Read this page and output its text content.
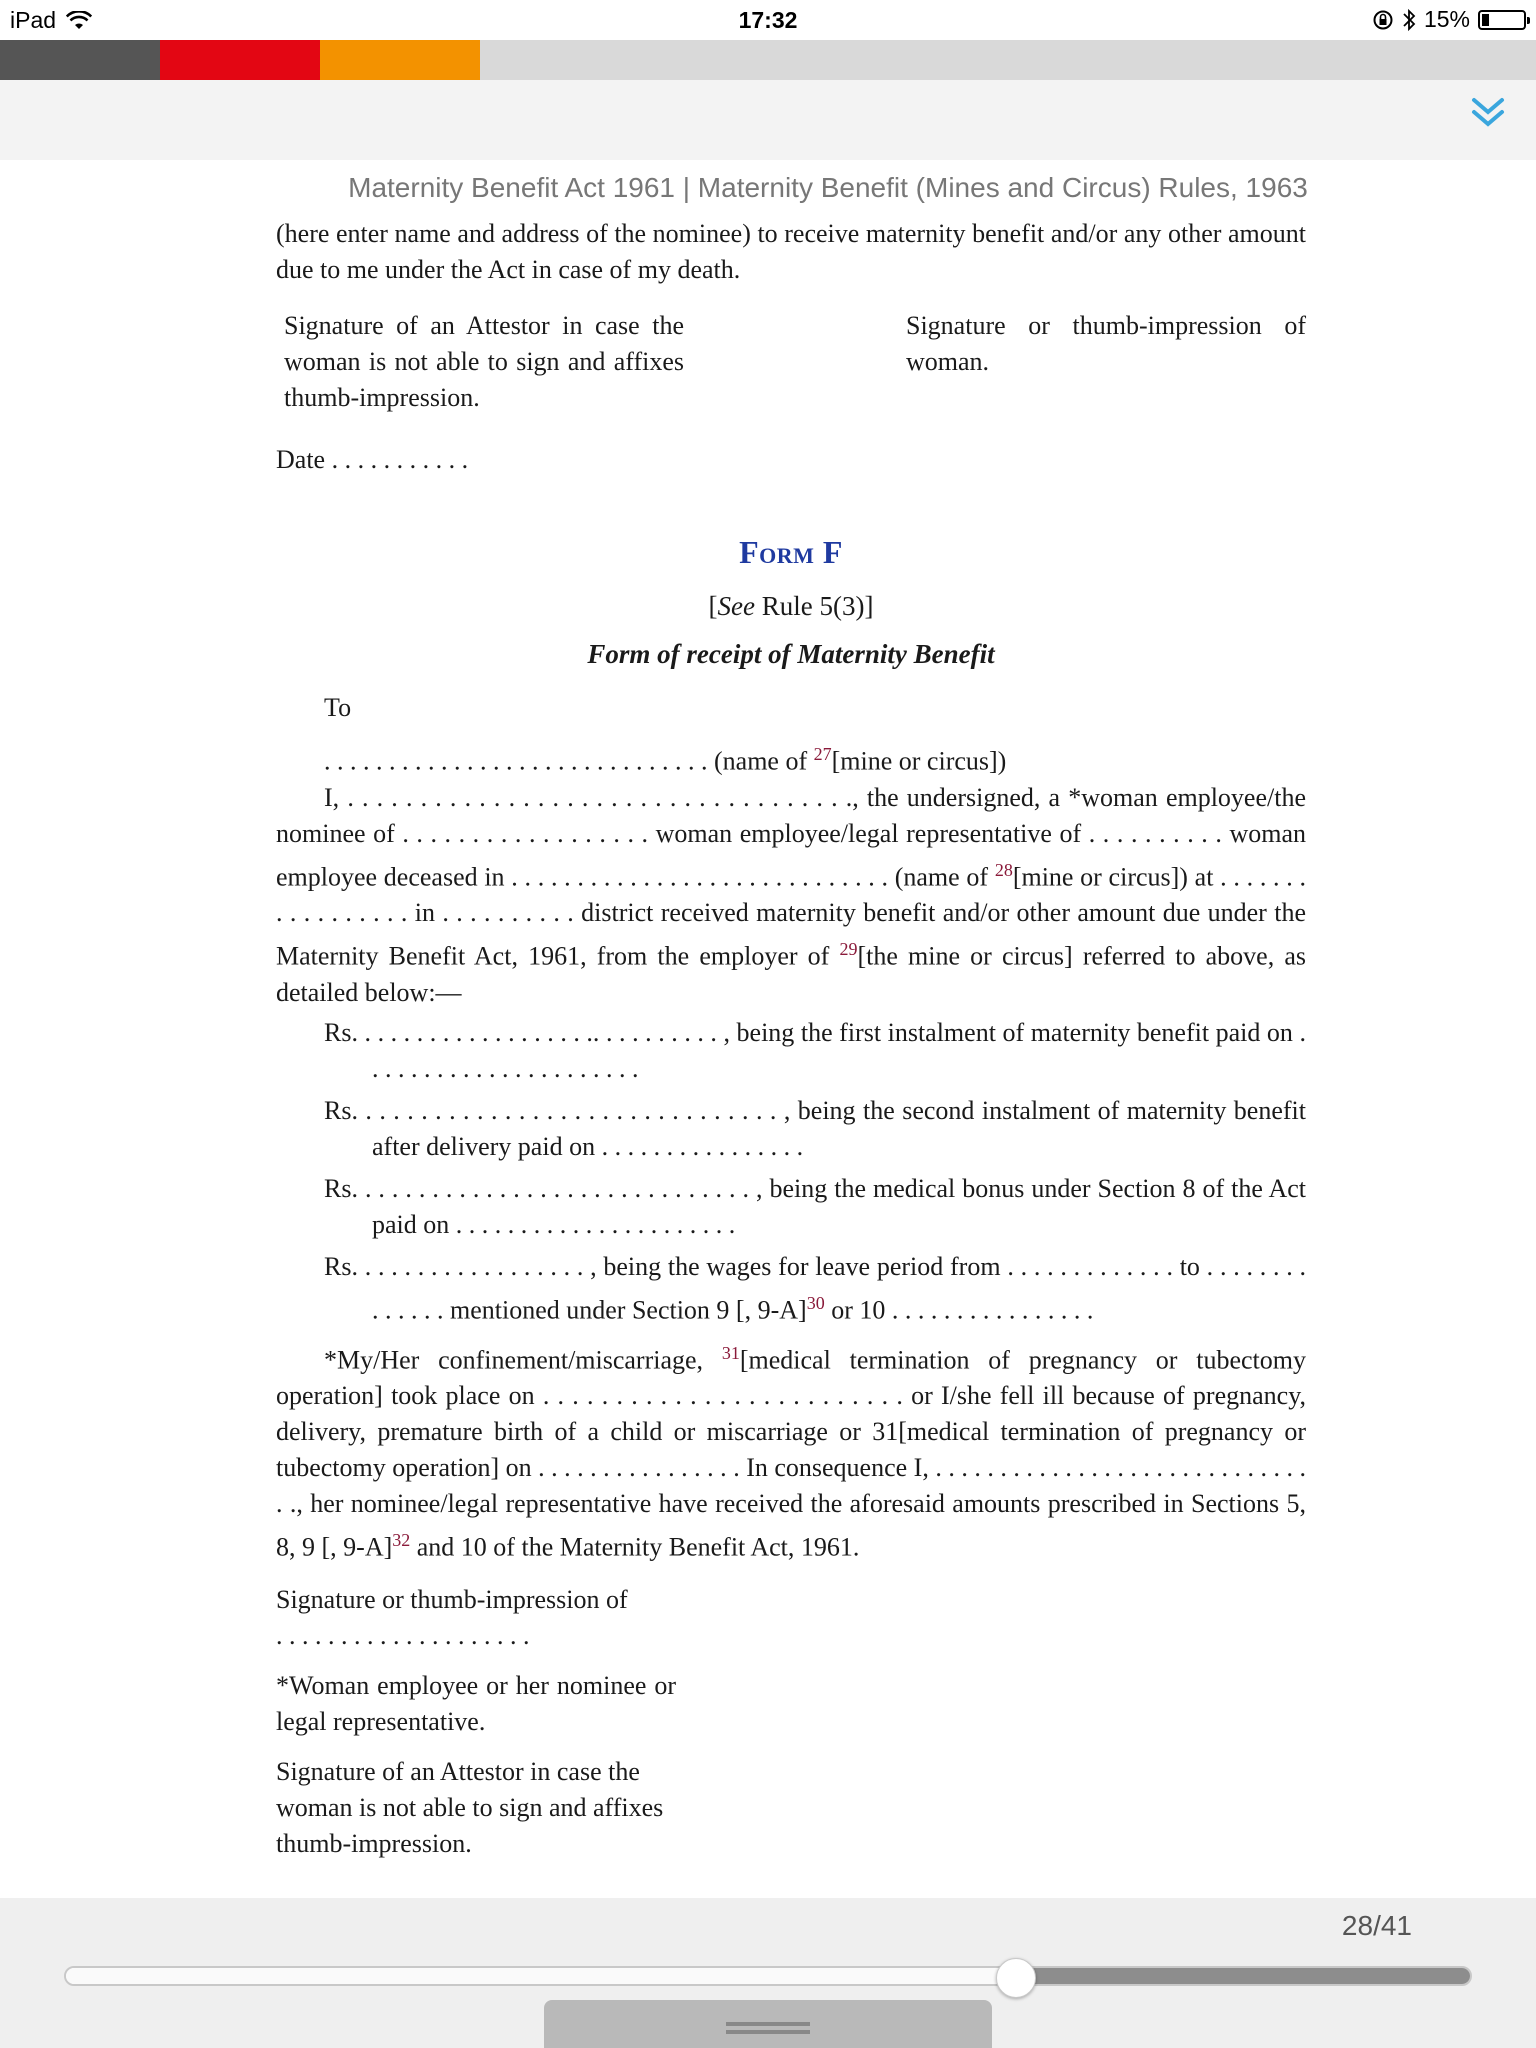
iPad	17:32	15%
Maternity Benefit Act 1961 | Maternity Benefit (Mines and Circus) Rules, 1963

(here enter name and address of the nominee) to receive maternity benefit and/or any other amount due to me under the Act in case of my death.

Signature of an Attestor in case the woman is not able to sign and affixes thumb-impression.
Signature or thumb-impression of woman.

Date . . . . . . . . . . .

Form F
[See Rule 5(3)]
Form of receipt of Maternity Benefit

To

. . . . . . . . . . . . . . . . . . . . . . . . . . . . . . (name of $^{27}$[mine or circus])

I, . . . . . . . . . . . . . . . . . . . . . . . . . . . . . . . . . . ., the undersigned, a *woman employee/the nominee of . . . . . . . . . . . . . . . . . . woman employee/legal representative of . . . . . . . . . . woman employee deceased in . . . . . . . . . . . . . . . . . . . . . . . . . . . . . (name of $^{28}$[mine or circus]) at . . . . . . . . . . . . . . . . . in . . . . . . . . . . district received maternity benefit and/or other amount due under the Maternity Benefit Act, 1961, from the employer of $^{29}$[the mine or circus] referred to above, as detailed below:—

Rs. . . . . . . . . . . . . . . . . . .. . . . . . . . . . , being the first instalment of maternity benefit paid on . . . . . . . . . . . . . . . . . . . . . .

Rs. . . . . . . . . . . . . . . . . . . . . . . . . . . . . . . , being the second instalment of maternity benefit after delivery paid on . . . . . . . . . . . . . . . .

Rs. . . . . . . . . . . . . . . . . . . . . . . . . . . . . . , being the medical bonus under Section 8 of the Act paid on . . . . . . . . . . . . . . . . . . . . . .

Rs. . . . . . . . . . . . . . . . . . , being the wages for leave period from . . . . . . . . . . . . . to . . . . . . . . . . . . . . mentioned under Section 9 [, 9-A]$^{30}$ or 10 . . . . . . . . . . . . . . . .

*My/Her confinement/miscarriage, $^{31}$[medical termination of pregnancy or tubectomy operation] took place on . . . . . . . . . . . . . . . . . . . . . . . . . or I/she fell ill because of pregnancy, delivery, premature birth of a child or miscarriage or 31[medical termination of pregnancy or tubectomy operation] on . . . . . . . . . . . . . . . . In consequence I, . . . . . . . . . . . . . . . . . . . . . . . . . . . . . . ., her nominee/legal representative have received the aforesaid amounts prescribed in Sections 5, 8, 9 [, 9-A]$^{32}$ and 10 of the Maternity Benefit Act, 1961.

Signature or thumb-impression of

. . . . . . . . . . . . . . . . . . . .

*Woman employee or her nominee or legal representative.

Signature of an Attestor in case the woman is not able to sign and affixes thumb-impression.

28/41
